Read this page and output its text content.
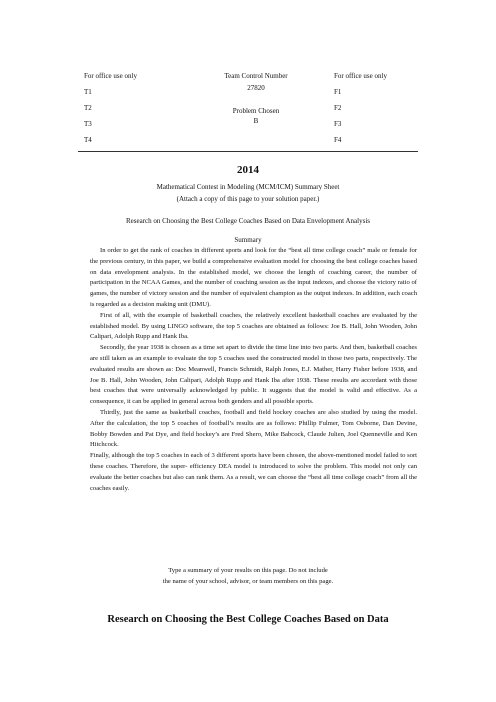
For office use only
T1
T2
T3
T4
Team Control Number
27820
Problem Chosen
B
For office use only
F1
F2
F3
F4
2014
Mathematical Contest in Modeling (MCM/ICM) Summary Sheet
(Attach a copy of this page to your solution paper.)
Research on Choosing the Best College Coaches Based on Data Envelopment Analysis
Summary

In order to get the rank of coaches in different sports and look for the “best all time college coach” male or female for the previous century, in this paper, we build a comprehensive evaluation model for choosing the best college coaches based on data envelopment analysis. In the established model, we choose the length of coaching career, the number of participation in the NCAA Games, and the number of coaching session as the input indexes, and choose the victory ratio of games, the number of victory session and the number of equivalent champion as the output indexes. In addition, each coach is regarded as a decision making unit (DMU).

First of all, with the example of basketball coaches, the relatively excellent basketball coaches are evaluated by the established model. By using LINGO software, the top 5 coaches are obtained as follows: Joe B. Hall, John Wooden, John Calipari, Adolph Rupp and Hank Iba.

Secondly, the year 1938 is chosen as a time set apart to divide the time line into two parts. And then, basketball coaches are still taken as an example to evaluate the top 5 coaches used the constructed model in those two parts, respectively. The evaluated results are shown as: Doc Meanwell, Francis Schmidt, Ralph Jones, E.J. Mather, Harry Fisher before 1938, and Joe B. Hall, John Wooden, John Calipari, Adolph Rupp and Hank Iba after 1938. These results are accordant with those best coaches that were universally acknowledged by public. It suggests that the model is valid and effective. As a consequence, it can be applied in general across both genders and all possible sports.

Thirdly, just the same as basketball coaches, football and field hockey coaches are also studied by using the model. After the calculation, the top 5 coaches of football’s results are as follows: Phillip Fulmer, Tom Osborne, Dan Devine, Bobby Bowden and Pat Dye, and field hockey’s are Fred Shero, Mike Babcock, Claude Julien, Joel Quenneville and Ken Hitchcock.

Finally, although the top 5 coaches in each of 3 different sports have been chosen, the above-mentioned model failed to sort these coaches. Therefore, the super- efficiency DEA model is introduced to solve the problem. This model not only can evaluate the better coaches but also can rank them. As a result, we can choose the “best all time college coach” from all the coaches easily.

Type a summary of your results on this page. Do not include
the name of your school, advisor, or team members on this page.
Research on Choosing the Best College Coaches Based on Data
